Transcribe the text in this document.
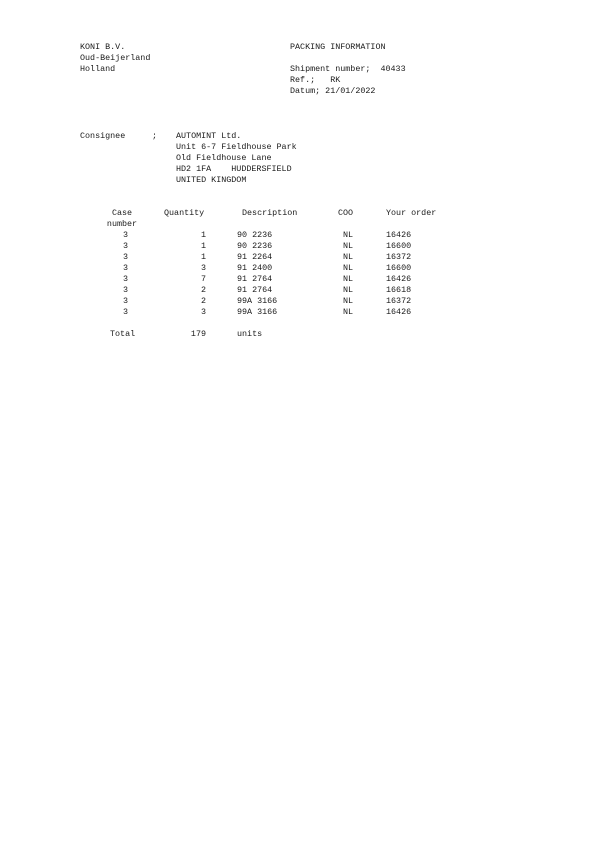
KONI B.V.
Oud-Beijerland
Holland
PACKING INFORMATION
Shipment number;  40433
Ref.;   RK
Datum; 21/01/2022
Consignee	; AUTOMINT Ltd.
Unit 6-7 Fieldhouse Park
Old Fieldhouse Lane
HD2 1FA    HUDDERSFIELD
UNITED KINGDOM
Case
number
Quantity	Description	COO	Your order
3	1	90 2236	NL	16426
3	1	90 2236	NL	16600
3	1	91 2264	NL	16372
3	3	91 2400	NL	16600
3	7	91 2764	NL	16426
3	2	91 2764	NL	16618
3	2	99A 3166	NL	16372
3	3	99A 3166	NL	16426
Total	179	units
